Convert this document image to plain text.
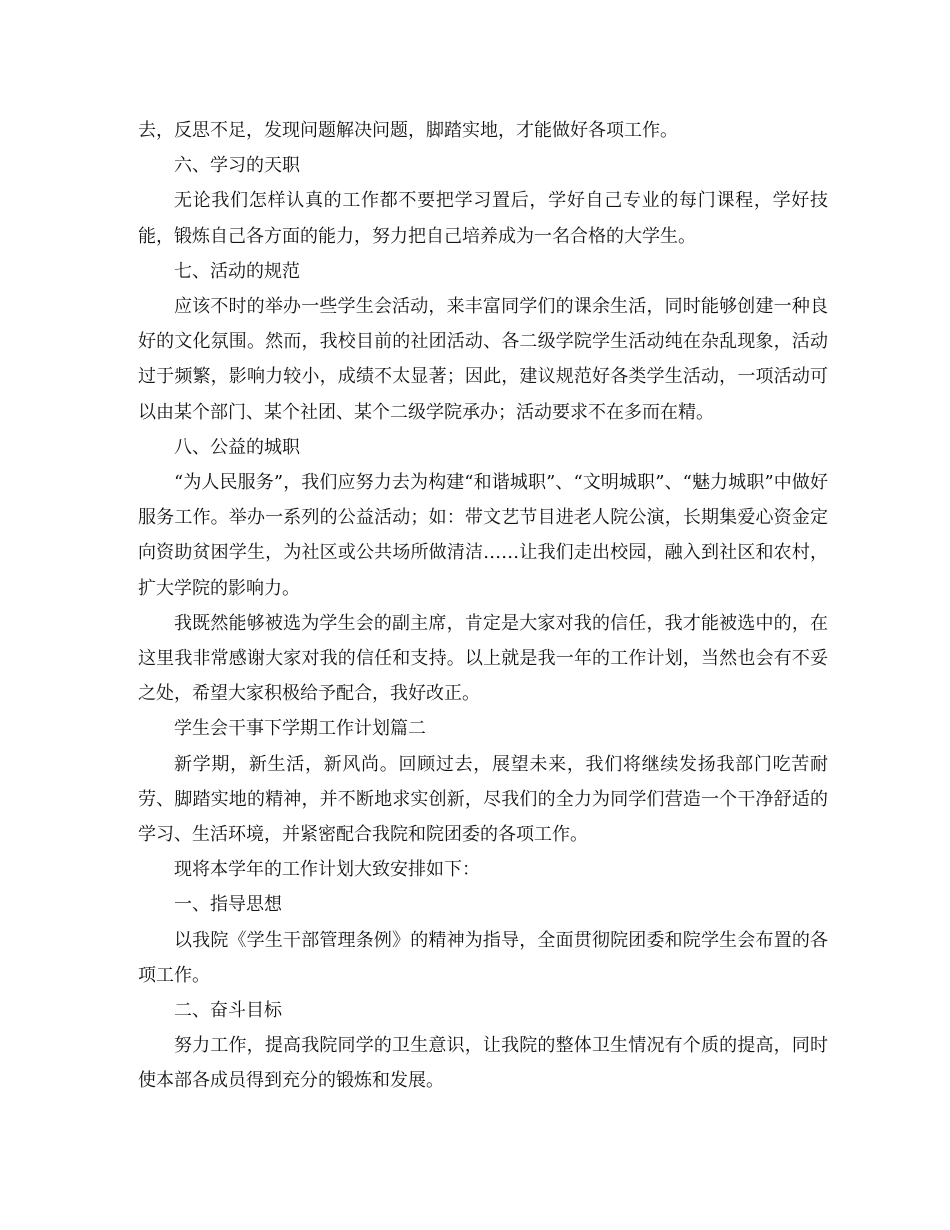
去，反思不足，发现问题解决问题，脚踏实地，才能做好各项工作。

六、学习的天职

无论我们怎样认真的工作都不要把学习置后，学好自己专业的每门课程，学好技能，锻炼自己各方面的能力，努力把自己培养成为一名合格的大学生。

七、活动的规范

应该不时的举办一些学生会活动，来丰富同学们的课余生活，同时能够创建一种良好的文化氛围。然而，我校目前的社团活动、各二级学院学生活动纯在杂乱现象，活动过于频繁，影响力较小，成绩不太显著；因此，建议规范好各类学生活动，一项活动可以由某个部门、某个社团、某个二级学院承办；活动要求不在多而在精。

八、公益的城职

“为人民服务”，我们应努力去为构建“和谐城职”、“文明城职”、“魅力城职”中做好服务工作。举办一系列的公益活动；如：带文艺节目进老人院公演，长期集爱心资金定向资助贫困学生，为社区或公共场所做清洁……让我们走出校园，融入到社区和农村，扩大学院的影响力。

我既然能够被选为学生会的副主席，肯定是大家对我的信任，我才能被选中的，在这里我非常感谢大家对我的信任和支持。以上就是我一年的工作计划，当然也会有不妥之处，希望大家积极给予配合，我好改正。

学生会干事下学期工作计划篇二

新学期，新生活，新风尚。回顾过去，展望未来，我们将继续发扬我部门吃苦耐劳、脚踏实地的精神，并不断地求实创新，尽我们的全力为同学们营造一个干净舒适的学习、生活环境，并紧密配合我院和院团委的各项工作。

现将本学年的工作计划大致安排如下：

一、指导思想

以我院《学生干部管理条例》的精神为指导，全面贯彻院团委和院学生会布置的各项工作。

二、奋斗目标

努力工作，提高我院同学的卫生意识，让我院的整体卫生情况有个质的提高，同时使本部各成员得到充分的锻炼和发展。
